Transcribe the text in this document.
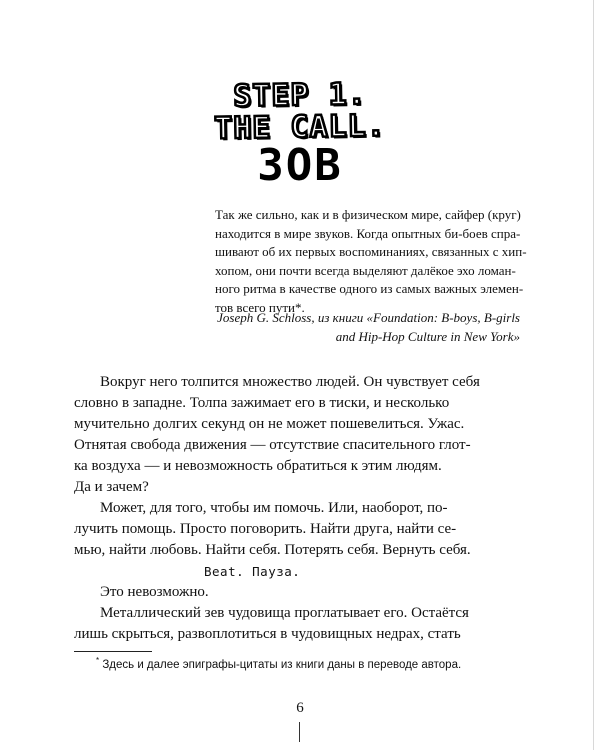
STEP 1.
THE CALL.
ЗОВ
Так же сильно, как и в физическом мире, сайфер (круг)
находится в мире звуков. Когда опытных би-боев спра-
шивают об их первых воспоминаниях, связанных с хип-
хопом, они почти всегда выделяют далёкое эхо ломан-
ного ритма в качестве одного из самых важных элемен-
тов всего пути*.
Joseph G. Schloss, из книги «Foundation: B-boys, B-girls
and Hip-Hop Culture in New York»
Вокруг него толпится множество людей. Он чувствует себя
словно в западне. Толпа зажимает его в тиски, и несколько
мучительно долгих секунд он не может пошевелиться. Ужас.
Отнятая свобода движения — отсутствие спасительного глот-
ка воздуха — и невозможность обратиться к этим людям.
Да и зачем?
Может, для того, чтобы им помочь. Или, наоборот, по-
лучить помощь. Просто поговорить. Найти друга, найти се-
мью, найти любовь. Найти себя. Потерять себя. Вернуть себя.
Beat. Пауза.
Это невозможно.
Металлический зев чудовища проглатывает его. Остаётся
лишь скрыться, развоплотиться в чудовищных недрах, стать
* Здесь и далее эпиграфы-цитаты из книги даны в переводе автора.
6
